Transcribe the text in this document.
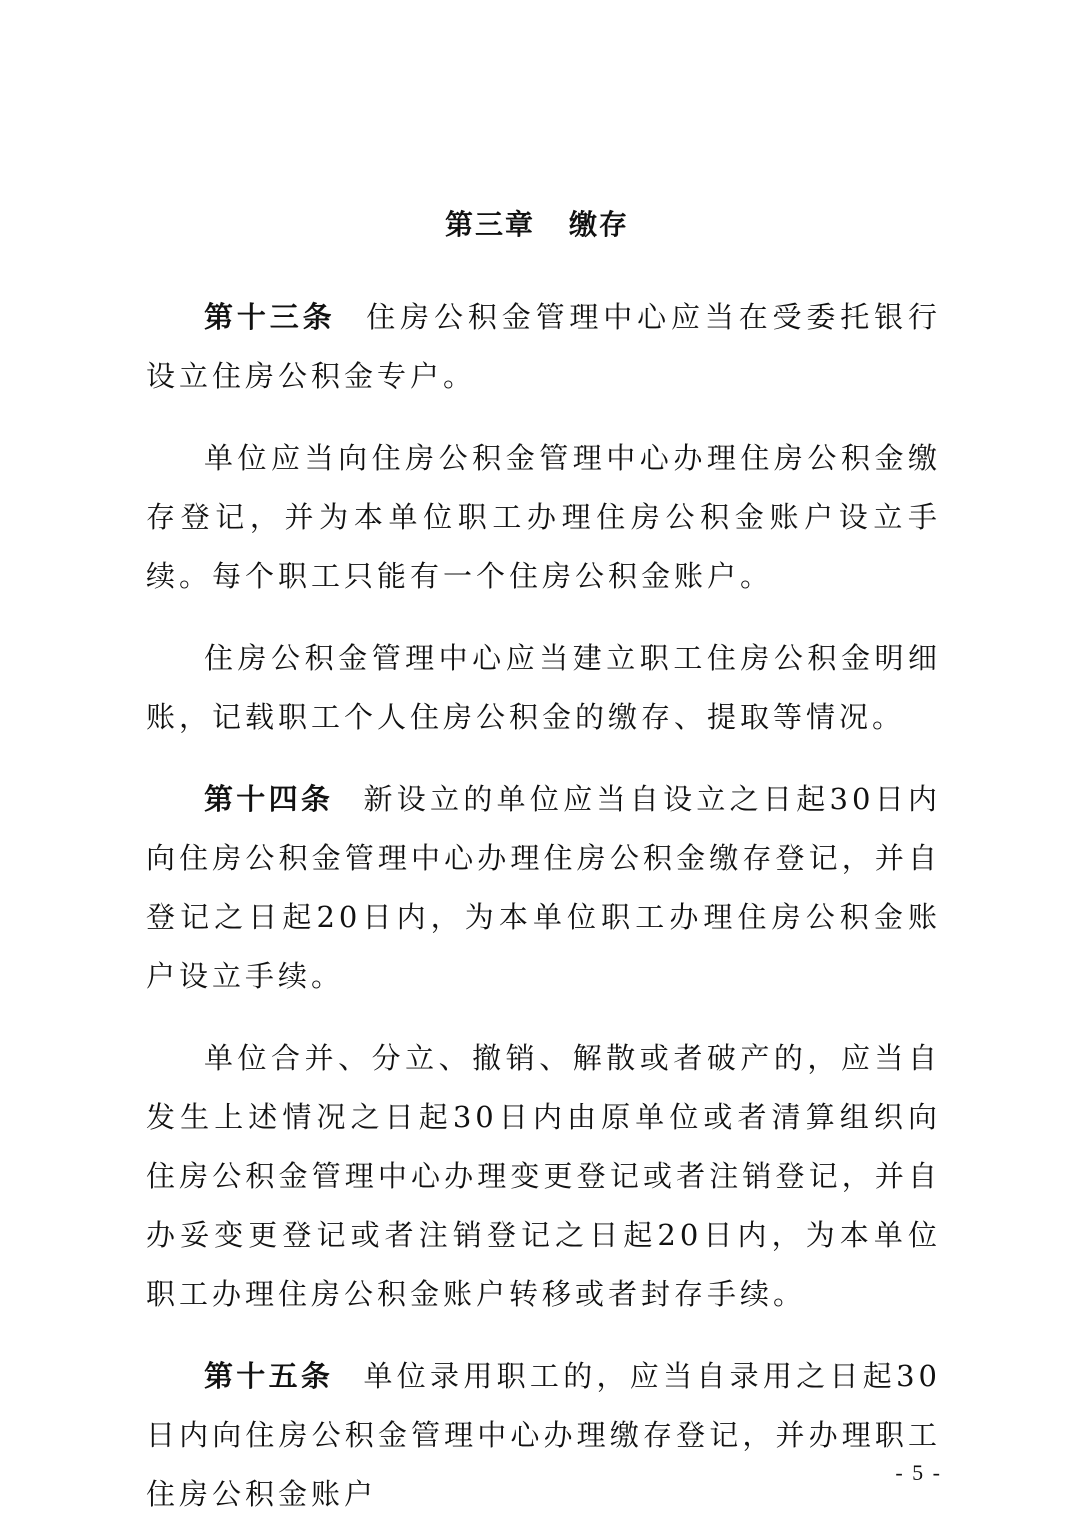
第三章 缴存

第十三条 住房公积金管理中心应当在受委托银行设立住房公积金专户。

单位应当向住房公积金管理中心办理住房公积金缴存登记，并为本单位职工办理住房公积金账户设立手续。每个职工只能有一个住房公积金账户。

住房公积金管理中心应当建立职工住房公积金明细账，记载职工个人住房公积金的缴存、提取等情况。

第十四条 新设立的单位应当自设立之日起30日内向住房公积金管理中心办理住房公积金缴存登记，并自登记之日起20日内，为本单位职工办理住房公积金账户设立手续。

单位合并、分立、撤销、解散或者破产的，应当自发生上述情况之日起30日内由原单位或者清算组织向住房公积金管理中心办理变更登记或者注销登记，并自办妥变更登记或者注销登记之日起20日内，为本单位职工办理住房公积金账户转移或者封存手续。

第十五条 单位录用职工的，应当自录用之日起30日内向住房公积金管理中心办理缴存登记，并办理职工住房公积金账户

- 5 -
